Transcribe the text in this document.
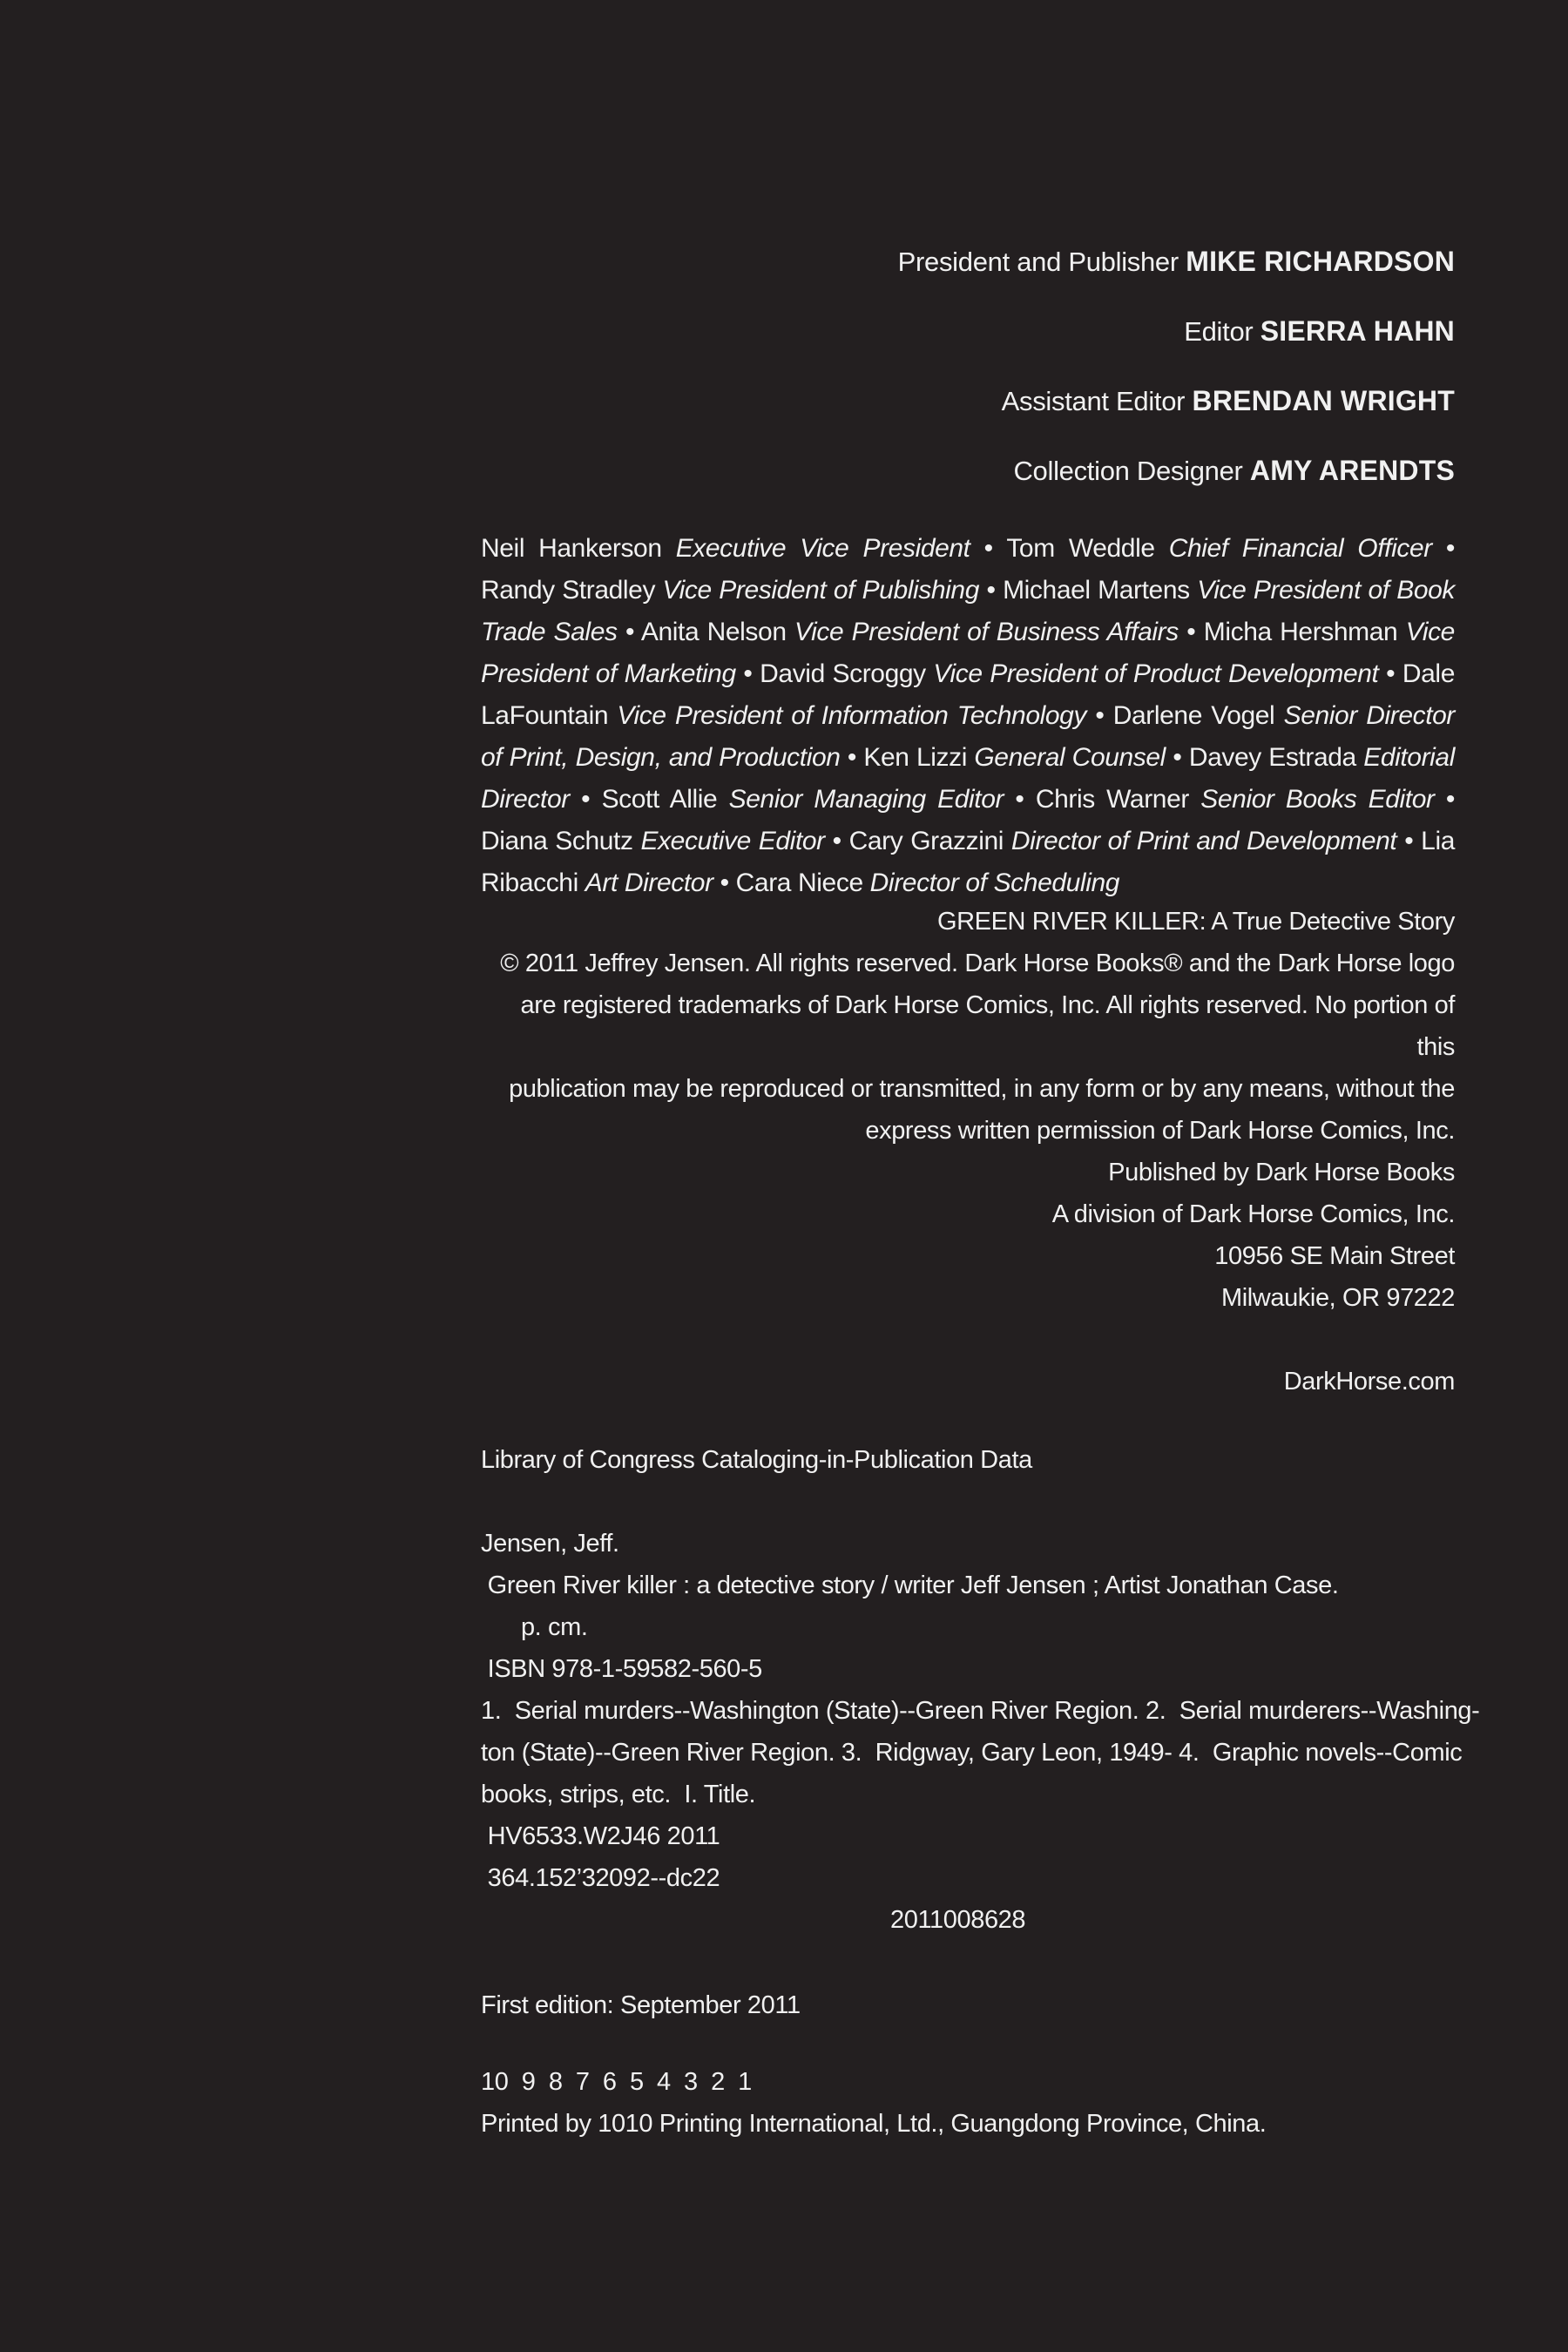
President and Publisher MIKE RICHARDSON
Editor SIERRA HAHN
Assistant Editor BRENDAN WRIGHT
Collection Designer AMY ARENDTS
Neil Hankerson Executive Vice President • Tom Weddle Chief Financial Officer • Randy Stradley Vice President of Publishing • Michael Martens Vice President of Book Trade Sales • Anita Nelson Vice President of Business Affairs • Micha Hershman Vice President of Marketing • David Scroggy Vice President of Product Development • Dale LaFountain Vice President of Information Technology • Darlene Vogel Senior Director of Print, Design, and Production • Ken Lizzi General Counsel • Davey Estrada Editorial Director • Scott Allie Senior Managing Editor • Chris Warner Senior Books Editor • Diana Schutz Executive Editor • Cary Grazzini Director of Print and Development • Lia Ribacchi Art Director • Cara Niece Director of Scheduling
GREEN RIVER KILLER: A True Detective Story
© 2011 Jeffrey Jensen. All rights reserved. Dark Horse Books® and the Dark Horse logo
are registered trademarks of Dark Horse Comics, Inc. All rights reserved. No portion of this
publication may be reproduced or transmitted, in any form or by any means, without the
express written permission of Dark Horse Comics, Inc.
Published by Dark Horse Books
A division of Dark Horse Comics, Inc.
10956 SE Main Street
Milwaukie, OR 97222
DarkHorse.com
Library of Congress Cataloging-in-Publication Data
Jensen, Jeff.
Green River killer : a detective story / writer Jeff Jensen ; Artist Jonathan Case.
p. cm.
ISBN 978-1-59582-560-5
1.  Serial murders--Washington (State)--Green River Region. 2.  Serial murderers--Washing-
ton (State)--Green River Region. 3.  Ridgway, Gary Leon, 1949- 4.  Graphic novels--Comic
books, strips, etc.  I. Title.
HV6533.W2J46 2011
364.152’32092--dc22
2011008628
First edition: September 2011
10  9  8  7  6  5  4  3  2  1
Printed by 1010 Printing International, Ltd., Guangdong Province, China.
